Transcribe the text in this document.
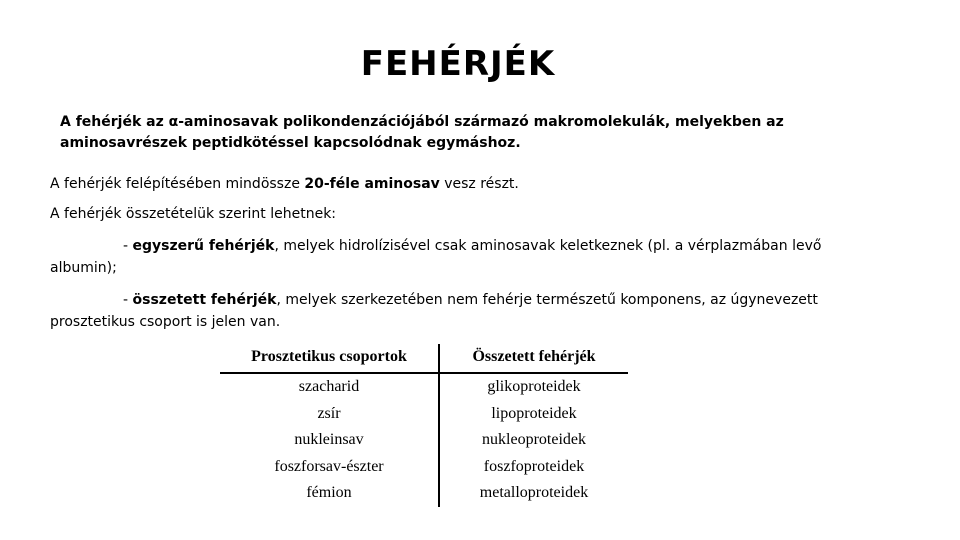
FEHÉRJÉK
A fehérjék az α-aminosavak polikondenzációjából származó makromolekulák, melyekben az
aminosavrészek peptidkötéssel kapcsolódnak egymáshoz.
A fehérjék felépítésében mindössze 20-féle aminosav vesz részt.
A fehérjék összetételük szerint lehetnek:
- egyszerű fehérjék, melyek hidrolízisével csak aminosavak keletkeznek (pl. a vérplazmában levő
albumin);
- összetett fehérjék, melyek szerkezetében nem fehérje természetű komponens, az úgynevezett
prosztetikus csoport is jelen van.
Prosztetikus csoportok	Összetett fehérjék
szacharid	glikoproteidek
zsír	lipoproteidek
nukleinsav	nukleoproteidek
foszforsav-észter	foszfoproteidek
fémion	metalloproteidek
